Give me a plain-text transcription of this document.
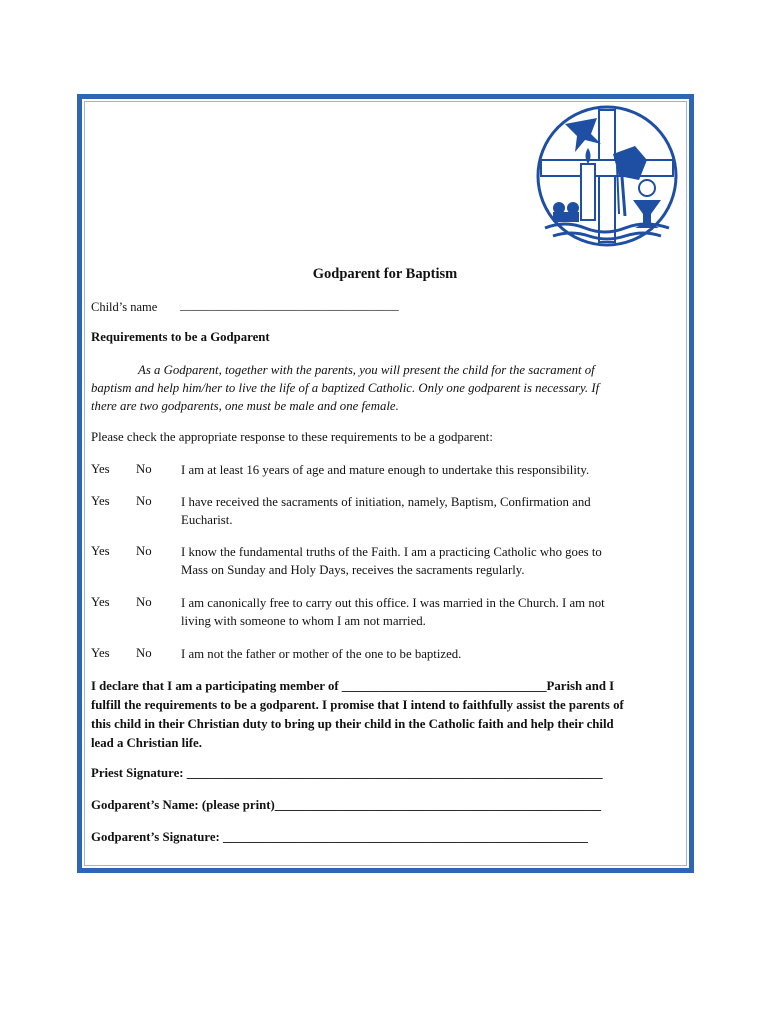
Godparent for Baptism
Child’s name ___________________________________
Requirements to be a Godparent
As a Godparent, together with the parents, you will present the child for the sacrament of
baptism and help him/her to live the life of a baptized Catholic. Only one godparent is necessary. If
there are two godparents, one must be male and one female.
Please check the appropriate response to these requirements to be a godparent:
Yes No I am at least 16 years of age and mature enough to undertake this responsibility.
Yes No I have received the sacraments of initiation, namely, Baptism, Confirmation and
Eucharist.
Yes No I know the fundamental truths of the Faith. I am a practicing Catholic who goes to
Mass on Sunday and Holy Days, receives the sacraments regularly.
Yes No I am canonically free to carry out this office. I was married in the Church. I am not
living with someone to whom I am not married.
Yes No I am not the father or mother of the one to be baptized.
I declare that I am a participating member of ________________________________Parish and I
fulfill the requirements to be a godparent. I promise that I intend to faithfully assist the parents of
this child in their Christian duty to bring up their child in the Catholic faith and help their child
lead a Christian life.
Priest Signature: _________________________________________________________________
Godparent’s Name: (please print)___________________________________________________
Godparent’s Signature: _________________________________________________________
